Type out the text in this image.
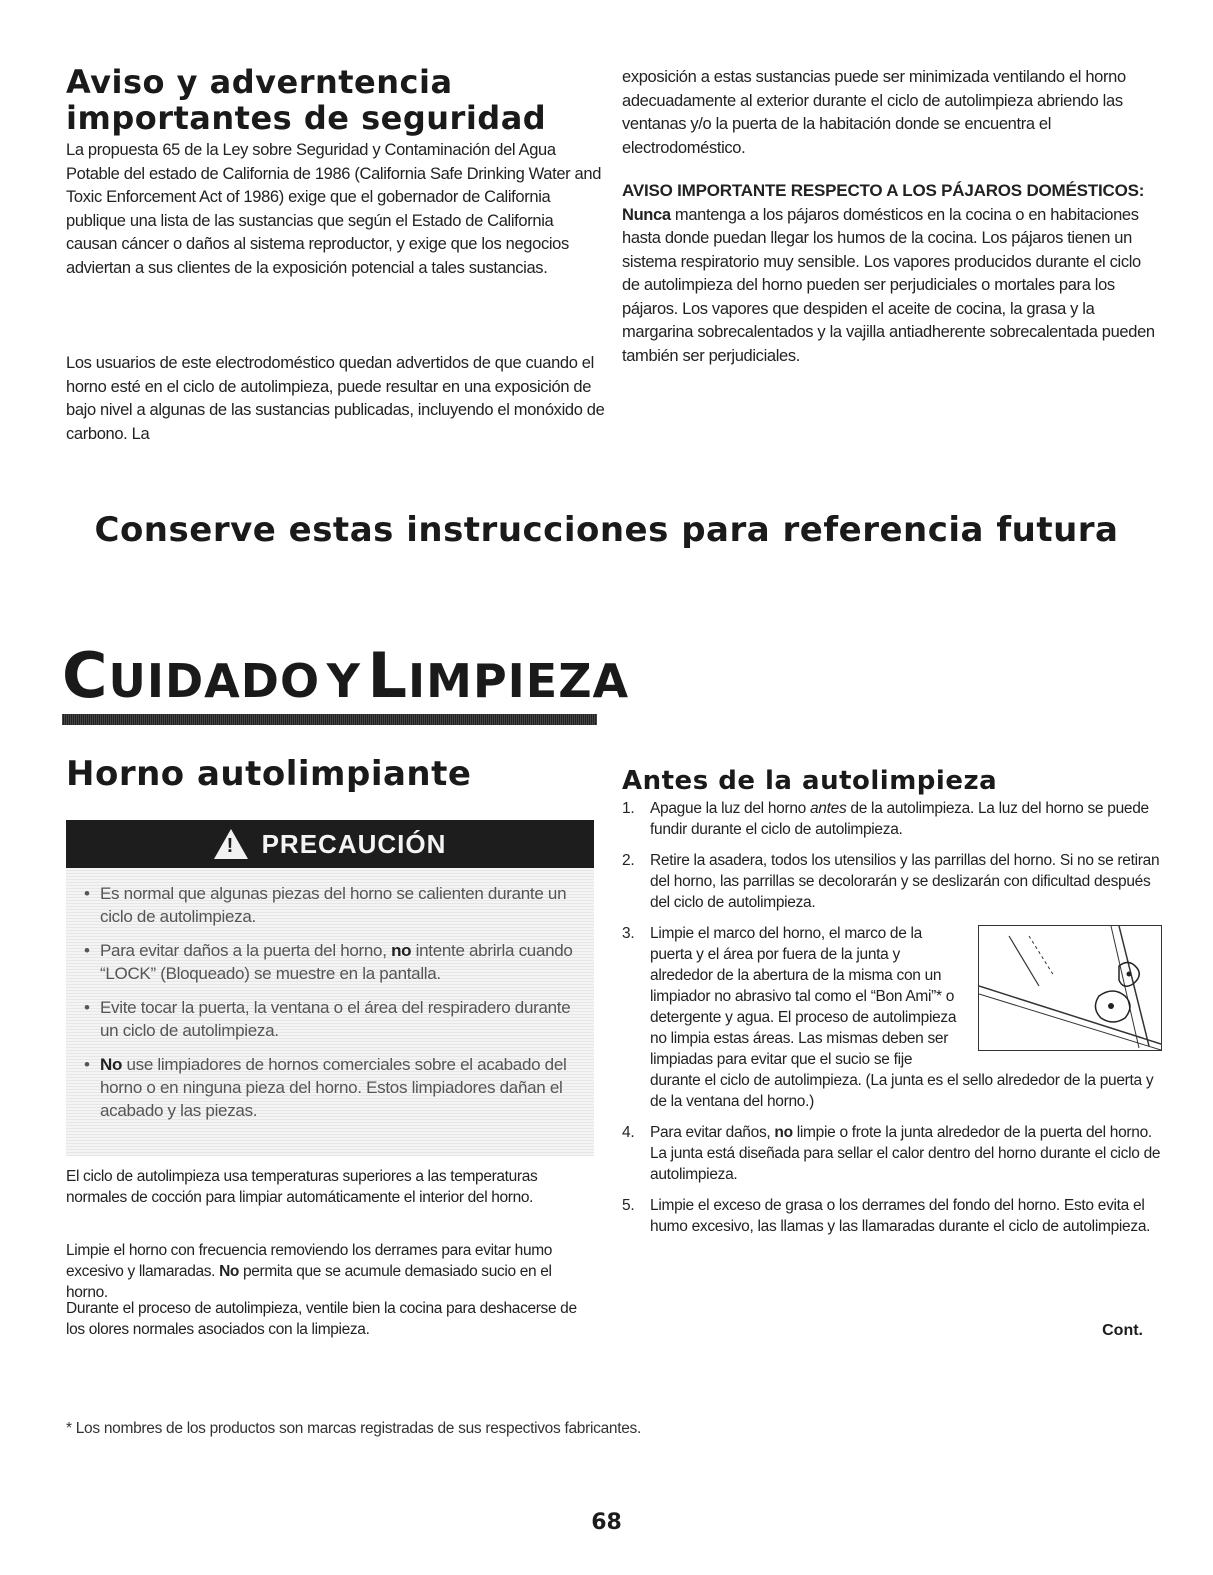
Aviso y adverntencia
importantes de seguridad

La propuesta 65 de la Ley sobre Seguridad y Contaminación del Agua Potable del estado de California de 1986 (California Safe Drinking Water and Toxic Enforcement Act of 1986) exige que el gobernador de California publique una lista de las sustancias que según el Estado de California causan cáncer o daños al sistema reproductor, y exige que los negocios adviertan a sus clientes de la exposición potencial a tales sustancias.

Los usuarios de este electrodoméstico quedan advertidos de que cuando el horno esté en el ciclo de autolimpieza, puede resultar en una exposición de bajo nivel a algunas de las sustancias publicadas, incluyendo el monóxido de carbono. La

exposición a estas sustancias puede ser minimizada ventilando el horno adecuadamente al exterior durante el ciclo de autolimpieza abriendo las ventanas y/o la puerta de la habitación donde se encuentra el electrodoméstico.

AVISO IMPORTANTE RESPECTO A LOS PÁJAROS DOMÉSTICOS: Nunca mantenga a los pájaros domésticos en la cocina o en habitaciones hasta donde puedan llegar los humos de la cocina. Los pájaros tienen un sistema respiratorio muy sensible. Los vapores producidos durante el ciclo de autolimpieza del horno pueden ser perjudiciales o mortales para los pájaros. Los vapores que despiden el aceite de cocina, la grasa y la margarina sobrecalentados y la vajilla antiadherente sobrecalentada pueden también ser perjudiciales.

Conserve estas instrucciones para referencia futura
CUIDADO Y LIMPIEZA
Horno autolimpiante
! PRECAUCIÓN
• Es normal que algunas piezas del horno se calienten durante un ciclo de autolimpieza.
• Para evitar daños a la puerta del horno, no intente abrirla cuando “LOCK” (Bloqueado) se muestre en la pantalla.
• Evite tocar la puerta, la ventana o el área del respiradero durante un ciclo de autolimpieza.
• No use limpiadores de hornos comerciales sobre el acabado del horno o en ninguna pieza del horno. Estos limpiadores dañan el acabado y las piezas.

El ciclo de autolimpieza usa temperaturas superiores a las temperaturas normales de cocción para limpiar automáticamente el interior del horno.

Limpie el horno con frecuencia removiendo los derrames para evitar humo excesivo y llamaradas. No permita que se acumule demasiado sucio en el horno.

Durante el proceso de autolimpieza, ventile bien la cocina para deshacerse de los olores normales asociados con la limpieza.

Antes de la autolimpieza
1. Apague la luz del horno antes de la autolimpieza. La luz del horno se puede fundir durante el ciclo de autolimpieza.
2. Retire la asadera, todos los utensilios y las parrillas del horno. Si no se retiran del horno, las parrillas se decolorarán y se deslizarán con dificultad después del ciclo de autolimpieza.
3. Limpie el marco del horno, el marco de la puerta y el área por fuera de la junta y alrededor de la abertura de la misma con un limpiador no abrasivo tal como el “Bon Ami”* o detergente y agua. El proceso de autolimpieza no limpia estas áreas. Las mismas deben ser limpiadas para evitar que el sucio se fije durante el ciclo de autolimpieza. (La junta es el sello alrededor de la puerta y de la ventana del horno.)
4. Para evitar daños, no limpie o frote la junta alrededor de la puerta del horno. La junta está diseñada para sellar el calor dentro del horno durante el ciclo de autolimpieza.
5. Limpie el exceso de grasa o los derrames del fondo del horno. Esto evita el humo excesivo, las llamas y las llamaradas durante el ciclo de autolimpieza.
Cont.
* Los nombres de los productos son marcas registradas de sus respectivos fabricantes.
68
